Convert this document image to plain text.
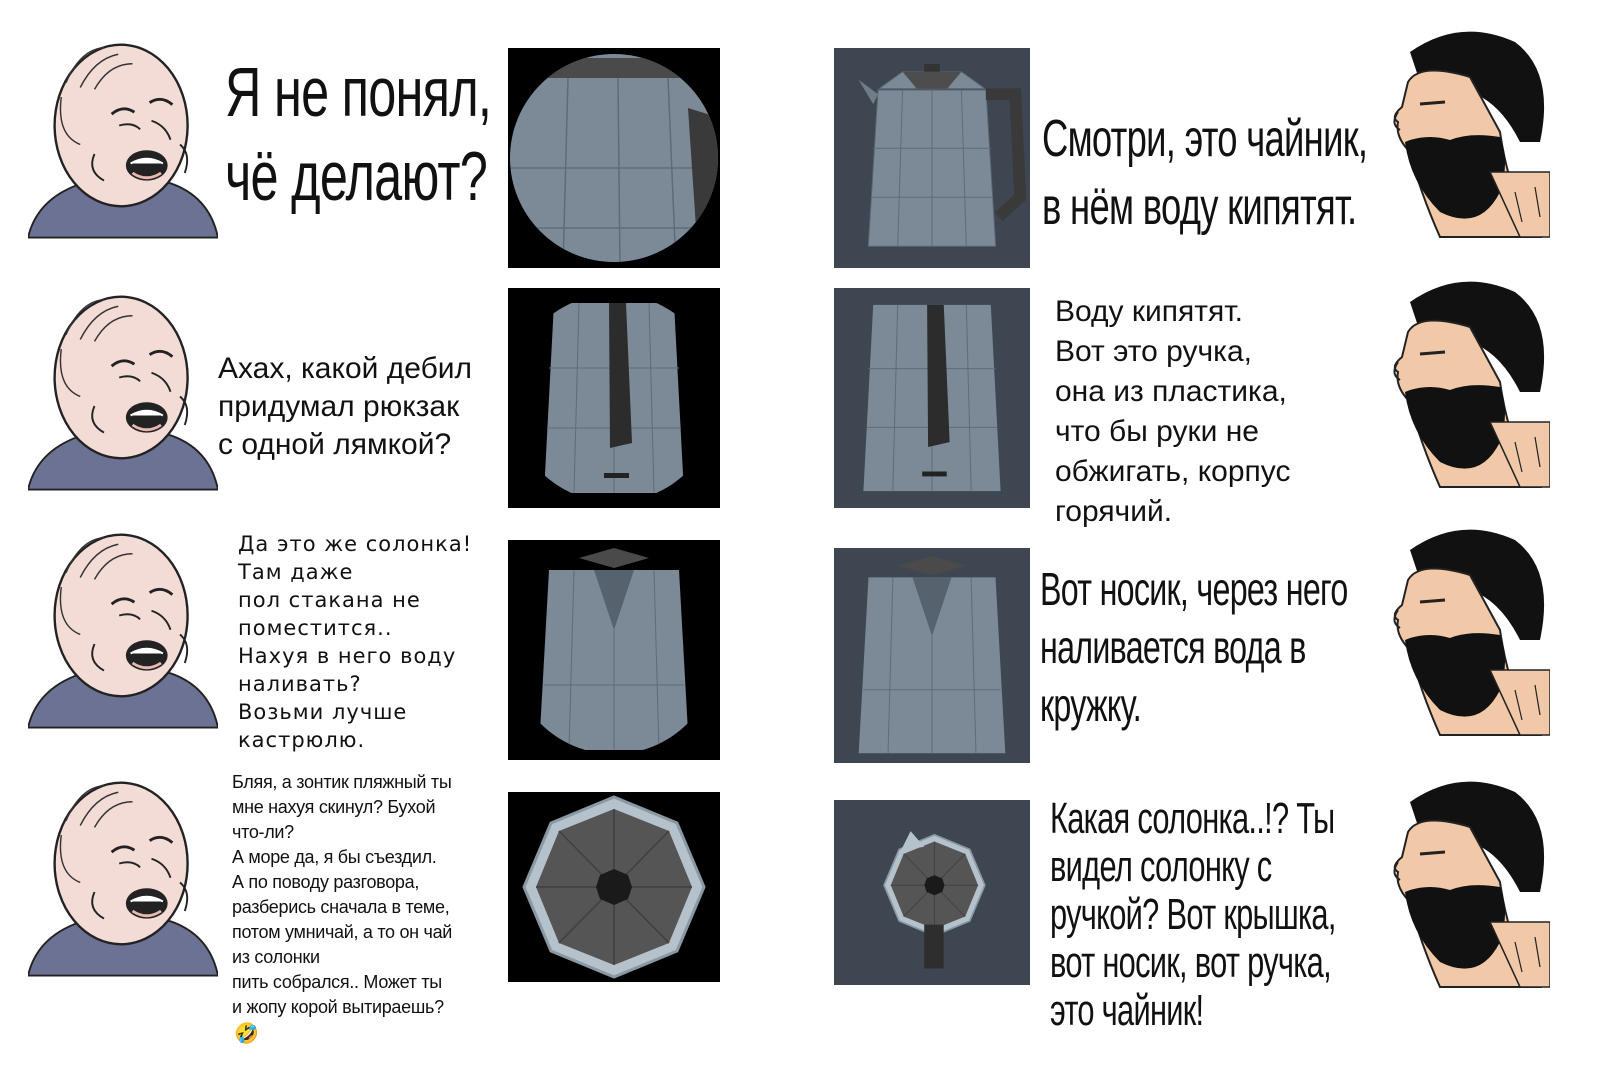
Я не понял,
чё делают?
Ахах, какой дебил
придумал рюкзак
с одной лямкой?
Да это же солонка!
Там даже
пол стакана не
поместится..
Нахуя в него воду
наливать?
Возьми лучше
кастрюлю.
Бляя, а зонтик пляжный ты
мне нахуя скинул? Бухой
что-ли?
А море да, я бы съездил.
А по поводу разговора,
разберись сначала в теме,
потом умничай, а то он чай
из солонки
пить собрался.. Может ты
и жопу корой вытираешь?
🤣
Смотри, это чайник,
в нём воду кипятят.
Воду кипятят.
Вот это ручка,
она из пластика,
что бы руки не
обжигать, корпус
горячий.
Вот носик, через него
наливается вода в
кружку.
Какая солонка..!? Ты
видел солонку с
ручкой? Вот крышка,
вот носик, вот ручка,
это чайник!
